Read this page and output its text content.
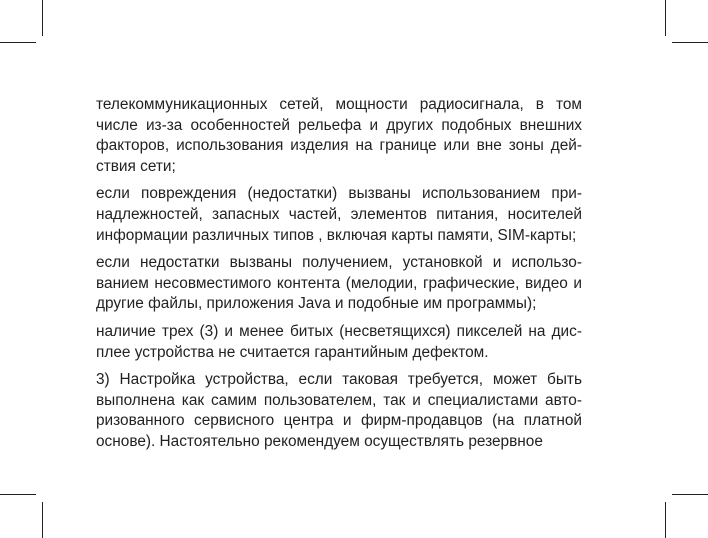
телекоммуникационных сетей, мощности радиосигнала, в том числе из-за особенностей рельефа и других подобных внешних факторов, использования изделия на границе или вне зоны действия сети;

если повреждения (недостатки) вызваны использованием принадлежностей, запасных частей, элементов питания, носителей информации различных типов , включая карты памяти, SIM-карты;

если недостатки вызваны получением, установкой и использованием несовместимого контента (мелодии, графические, видео и другие файлы, приложения Java и подобные им программы);

наличие трех (3) и менее битых (несветящихся) пикселей на дисплее устройства не считается гарантийным дефектом.

3) Настройка устройства, если таковая требуется, может быть выполнена как самим пользователем, так и специалистами авторизованного сервисного центра и фирм-продавцов (на платной основе). Настоятельно рекомендуем осуществлять резервное
